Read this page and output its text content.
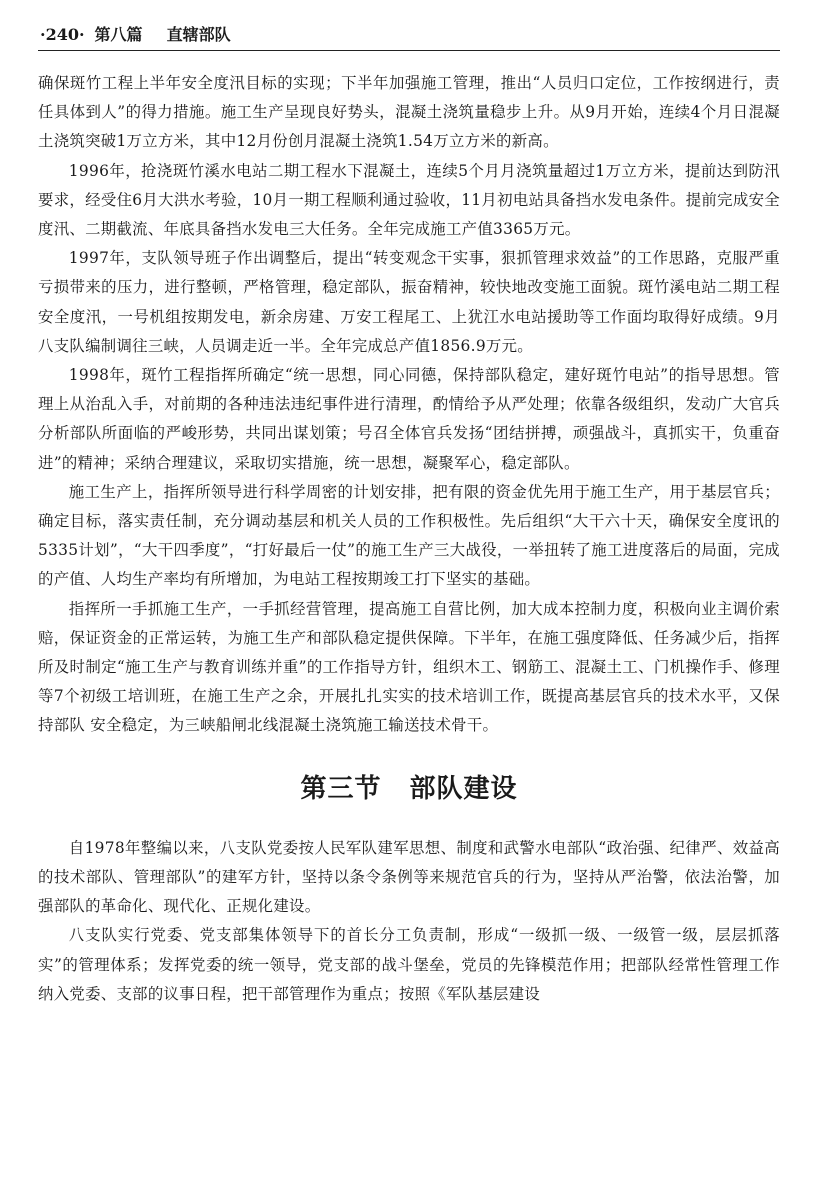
·240· 第八篇 直辖部队

确保斑竹工程上半年安全度汛目标的实现；下半年加强施工管理，推出“人员归口定位，工作按纲进行，责任具体到人”的得力措施。施工生产呈现良好势头，混凝土浇筑量稳步上升。从9月开始，连续4个月日混凝土浇筑突破1万立方米，其中12月份创月混凝土浇筑1.54万立方米的新高。

1996年，抢浇斑竹溪水电站二期工程水下混凝土，连续5个月月浇筑量超过1万立方米，提前达到防汛要求，经受住6月大洪水考验，10月一期工程顺利通过验收，11月初电站具备挡水发电条件。提前完成安全度汛、二期截流、年底具备挡水发电三大任务。全年完成施工产值3365万元。

1997年，支队领导班子作出调整后，提出“转变观念干实事，狠抓管理求效益”的工作思路，克服严重亏损带来的压力，进行整顿，严格管理，稳定部队，振奋精神，较快地改变施工面貌。斑竹溪电站二期工程安全度汛，一号机组按期发电，新余房建、万安工程尾工、上犹江水电站援助等工作面均取得好成绩。9月八支队编制调往三峡，人员调走近一半。全年完成总产值1856.9万元。

1998年，斑竹工程指挥所确定“统一思想，同心同德，保持部队稳定，建好斑竹电站”的指导思想。管理上从治乱入手，对前期的各种违法违纪事件进行清理，酌情给予从严处理；依靠各级组织，发动广大官兵分析部队所面临的严峻形势，共同出谋划策；号召全体官兵发扬“团结拼搏，顽强战斗，真抓实干，负重奋进”的精神；采纳合理建议，采取切实措施，统一思想，凝聚军心，稳定部队。

施工生产上，指挥所领导进行科学周密的计划安排，把有限的资金优先用于施工生产，用于基层官兵；确定目标，落实责任制，充分调动基层和机关人员的工作积极性。先后组织“大干六十天，确保安全度讯的5335计划”，“大干四季度”，“打好最后一仗”的施工生产三大战役，一举扭转了施工进度落后的局面，完成的产值、人均生产率均有所增加，为电站工程按期竣工打下坚实的基础。

指挥所一手抓施工生产，一手抓经营管理，提高施工自营比例，加大成本控制力度，积极向业主调价索赔，保证资金的正常运转，为施工生产和部队稳定提供保障。下半年，在施工强度降低、任务减少后，指挥所及时制定“施工生产与教育训练并重”的工作指导方针，组织木工、钢筋工、混凝土工、门机操作手、修理等7个初级工培训班，在施工生产之余，开展扎扎实实的技术培训工作，既提高基层官兵的技术水平，又保持部队 安全稳定，为三峡船闸北线混凝土浇筑施工输送技术骨干。

第三节 部队建设

自1978年整编以来，八支队党委按人民军队建军思想、制度和武警水电部队“政治强、纪律严、效益高的技术部队、管理部队”的建军方针，坚持以条令条例等来规范官兵的行为，坚持从严治警，依法治警，加强部队的革命化、现代化、正规化建设。

八支队实行党委、党支部集体领导下的首长分工负责制，形成“一级抓一级、一级管一级，层层抓落实”的管理体系；发挥党委的统一领导，党支部的战斗堡垒，党员的先锋模范作用；把部队经常性管理工作纳入党委、支部的议事日程，把干部管理作为重点；按照《军队基层建设
